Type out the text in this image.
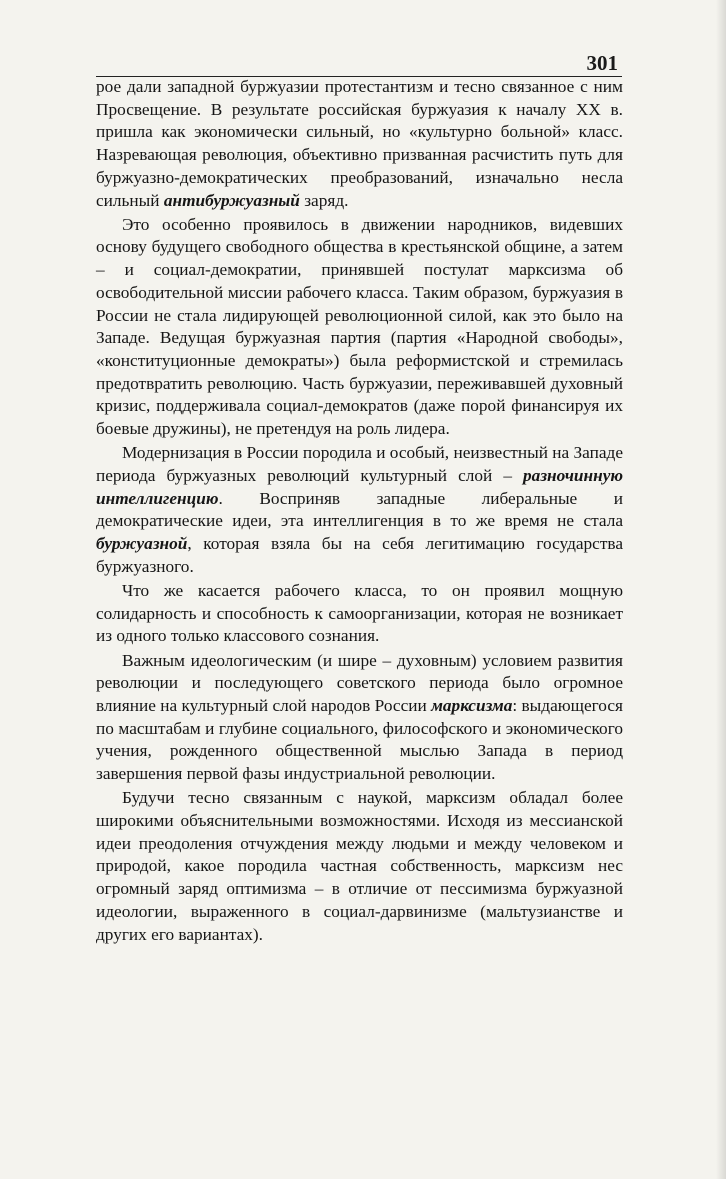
301

рое дали западной буржуазии протестантизм и тесно связанное с ним Просвещение. В результате российская буржуазия к началу XX в. пришла как экономически сильный, но «культурно больной» класс. Назревающая революция, объективно призванная расчистить путь для буржуазно-демократических преобразований, изначально несла сильный антибуржуазный заряд.

Это особенно проявилось в движении народников, видевших основу будущего свободного общества в крестьянской общине, а затем – и социал-демократии, принявшей постулат марксизма об освободительной миссии рабочего класса. Таким образом, буржуазия в России не стала лидирующей революционной силой, как это было на Западе. Ведущая буржуазная партия (партия «Народной свободы», «конституционные демократы») была реформистской и стремилась предотвратить революцию. Часть буржуазии, переживавшей духовный кризис, поддерживала социал-демократов (даже порой финансируя их боевые дружины), не претендуя на роль лидера.

Модернизация в России породила и особый, неизвестный на Западе периода буржуазных революций культурный слой – разночинную интеллигенцию. Восприняв западные либеральные и демократические идеи, эта интеллигенция в то же время не стала буржуазной, которая взяла бы на себя легитимацию государства буржуазного.

Что же касается рабочего класса, то он проявил мощную солидарность и способность к самоорганизации, которая не возникает из одного только классового сознания.

Важным идеологическим (и шире – духовным) условием развития революции и последующего советского периода было огромное влияние на культурный слой народов России марксизма: выдающегося по масштабам и глубине социального, философского и экономического учения, рожденного общественной мыслью Запада в период завершения первой фазы индустриальной революции.

Будучи тесно связанным с наукой, марксизм обладал более широкими объяснительными возможностями. Исходя из мессианской идеи преодоления отчуждения между людьми и между человеком и природой, какое породила частная собственность, марксизм нес огромный заряд оптимизма – в отличие от пессимизма буржуазной идеологии, выраженного в социал-дарвинизме (мальтузианстве и других его вариантах).
